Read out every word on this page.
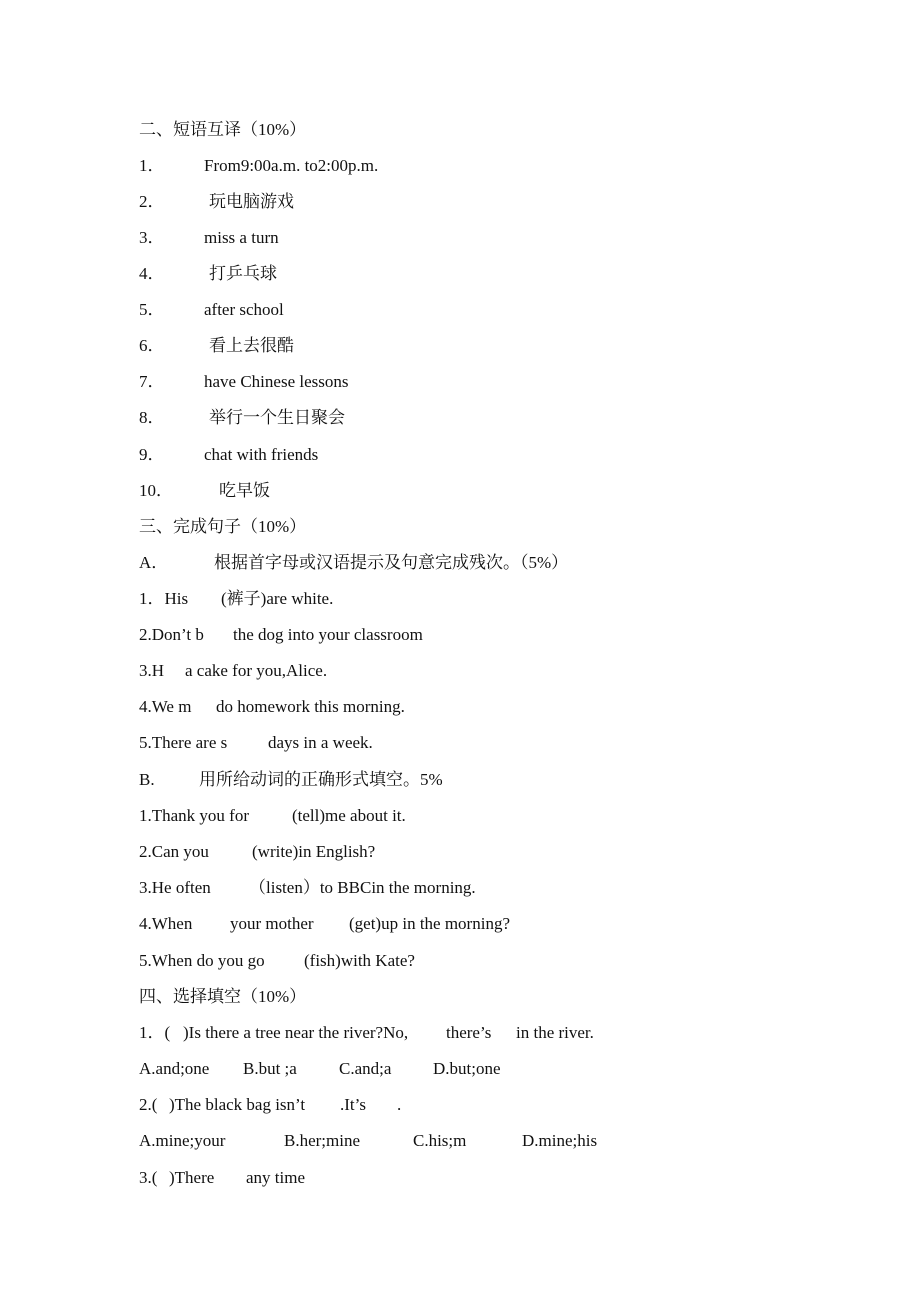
二、短语互译（10%）
1． From9:00a.m. to2:00p.m.
2．	玩电脑游戏
3． miss a turn
4．	打乒乓球
5． after school
6．	看上去很酷
7． have Chinese lessons
8．	举行一个生日聚会
9． chat with friends
10．	吃早饭
三、完成句子（10%）
A．	根据首字母或汉语提示及句意完成残次。（5%）
1．His (裤子)are white.
2.Don’t b the dog into your classroom
3.H a cake for you,Alice.
4.We m do homework this morning.
5.There are s days in a week.
B.	用所给动词的正确形式填空。5%
1.Thank you for	(tell)me about it.
2.Can you	(write)in English?
3.He often （listen）to BBCin the morning.
4.When your mother (get)up in the morning?
5.When do you go (fish)with Kate?
四、选择填空（10%）
1．( )Is there a tree near the river?No, there’s in the river.
A.and;one B.but ;a C.and;a D.but;one
2.( )The black bag isn’t .It’s .
A.mine;your	B.her;mine	C.his;m	D.mine;his
3.( )There any time
